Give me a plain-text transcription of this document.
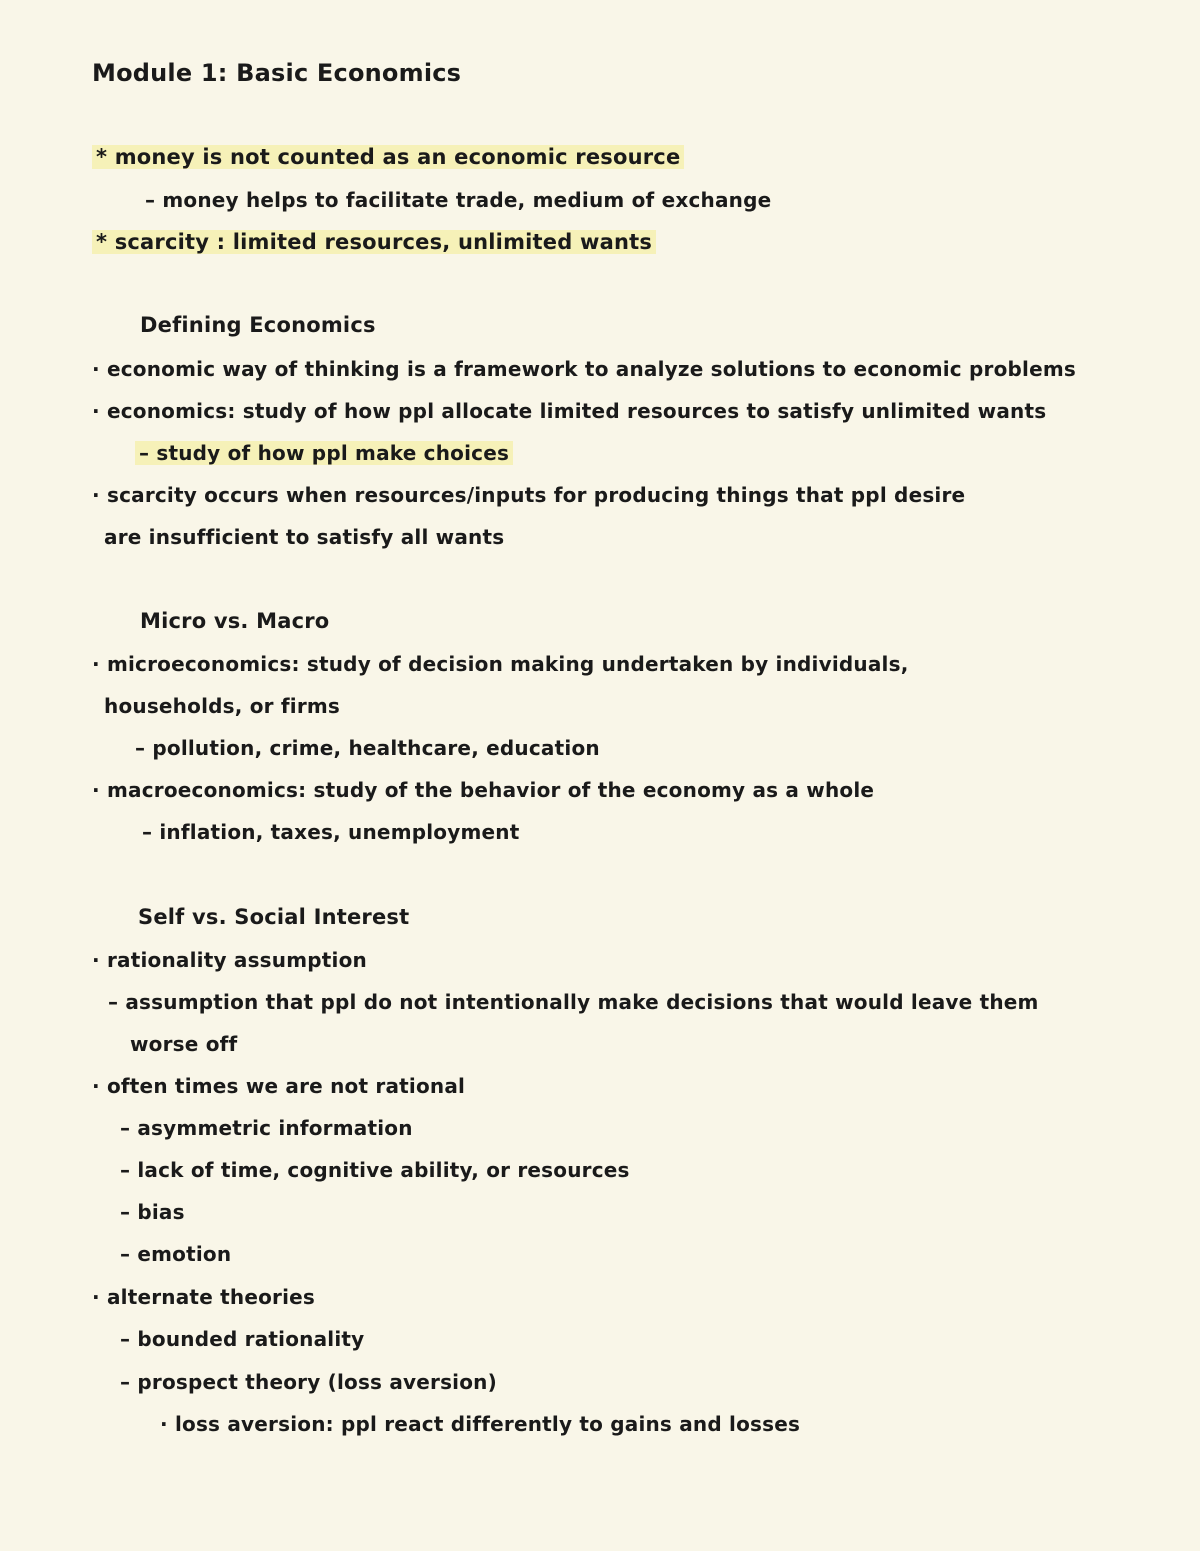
Module 1: Basic Economics
* money is not counted as an economic resource
– money helps to facilitate trade, medium of exchange
* scarcity : limited resources, unlimited wants
Defining Economics
· economic way of thinking is a framework to analyze solutions to economic problems
· economics: study of how ppl allocate limited resources to satisfy unlimited wants
– study of how ppl make choices
· scarcity occurs when resources/inputs for producing things that ppl desire
are insufficient to satisfy all wants
Micro vs. Macro
· microeconomics: study of decision making undertaken by individuals,
households, or firms
– pollution, crime, healthcare, education
· macroeconomics: study of the behavior of the economy as a whole
– inflation, taxes, unemployment
Self vs. Social Interest
· rationality assumption
– assumption that ppl do not intentionally make decisions that would leave them
worse off
· often times we are not rational
– asymmetric information
– lack of time, cognitive ability, or resources
– bias
– emotion
· alternate theories
– bounded rationality
– prospect theory (loss aversion)
· loss aversion: ppl react differently to gains and losses
